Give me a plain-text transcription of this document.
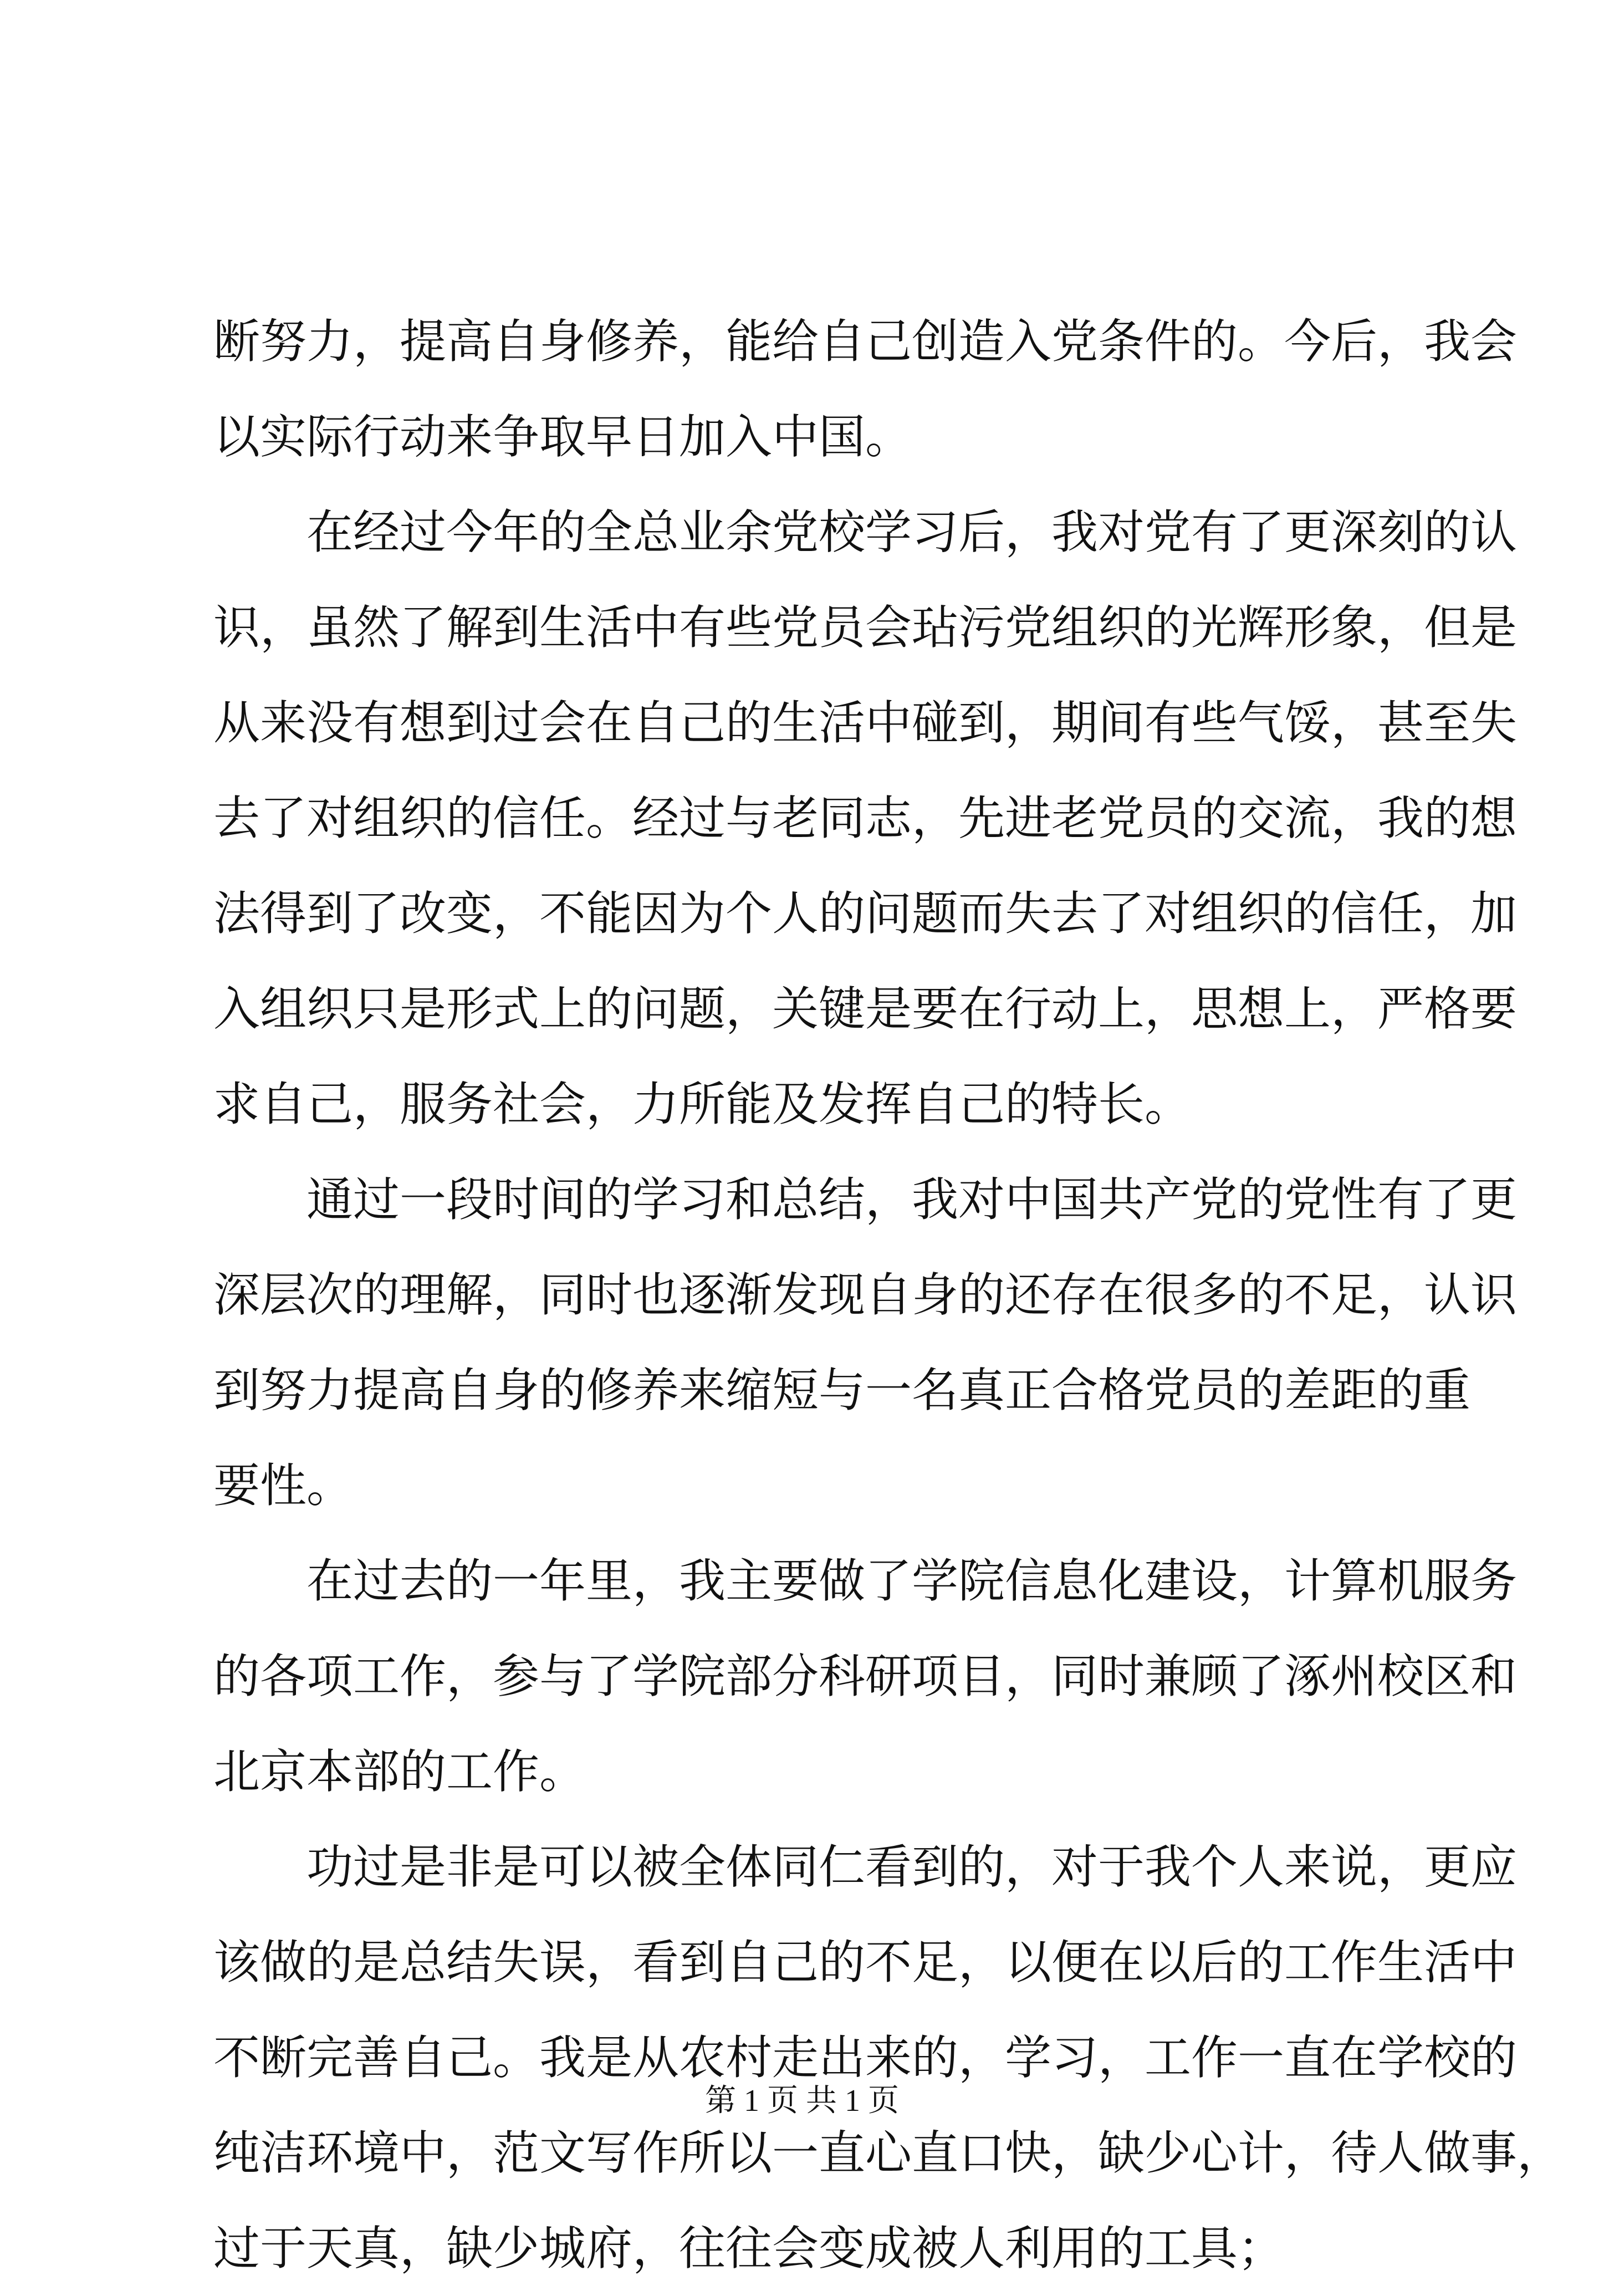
断努力，提高自身修养，能给自己创造入党条件的。今后，我会
以实际行动来争取早日加入中国。
在经过今年的全总业余党校学习后，我对党有了更深刻的认
识，虽然了解到生活中有些党员会玷污党组织的光辉形象，但是
从来没有想到过会在自己的生活中碰到，期间有些气馁，甚至失
去了对组织的信任。经过与老同志，先进老党员的交流，我的想
法得到了改变，不能因为个人的问题而失去了对组织的信任，加
入组织只是形式上的问题，关键是要在行动上，思想上，严格要
求自己，服务社会，力所能及发挥自己的特长。
通过一段时间的学习和总结，我对中国共产党的党性有了更
深层次的理解，同时也逐渐发现自身的还存在很多的不足，认识
到努力提高自身的修养来缩短与一名真正合格党员的差距的重
要性。
在过去的一年里，我主要做了学院信息化建设，计算机服务
的各项工作，参与了学院部分科研项目，同时兼顾了涿州校区和
北京本部的工作。
功过是非是可以被全体同仁看到的，对于我个人来说，更应
该做的是总结失误，看到自己的不足，以便在以后的工作生活中
不断完善自己。我是从农村走出来的，学习，工作一直在学校的
纯洁环境中，范文写作所以一直心直口快，缺少心计，待人做事，
过于天真，缺少城府，往往会变成被人利用的工具；
第 1 页 共 1 页
